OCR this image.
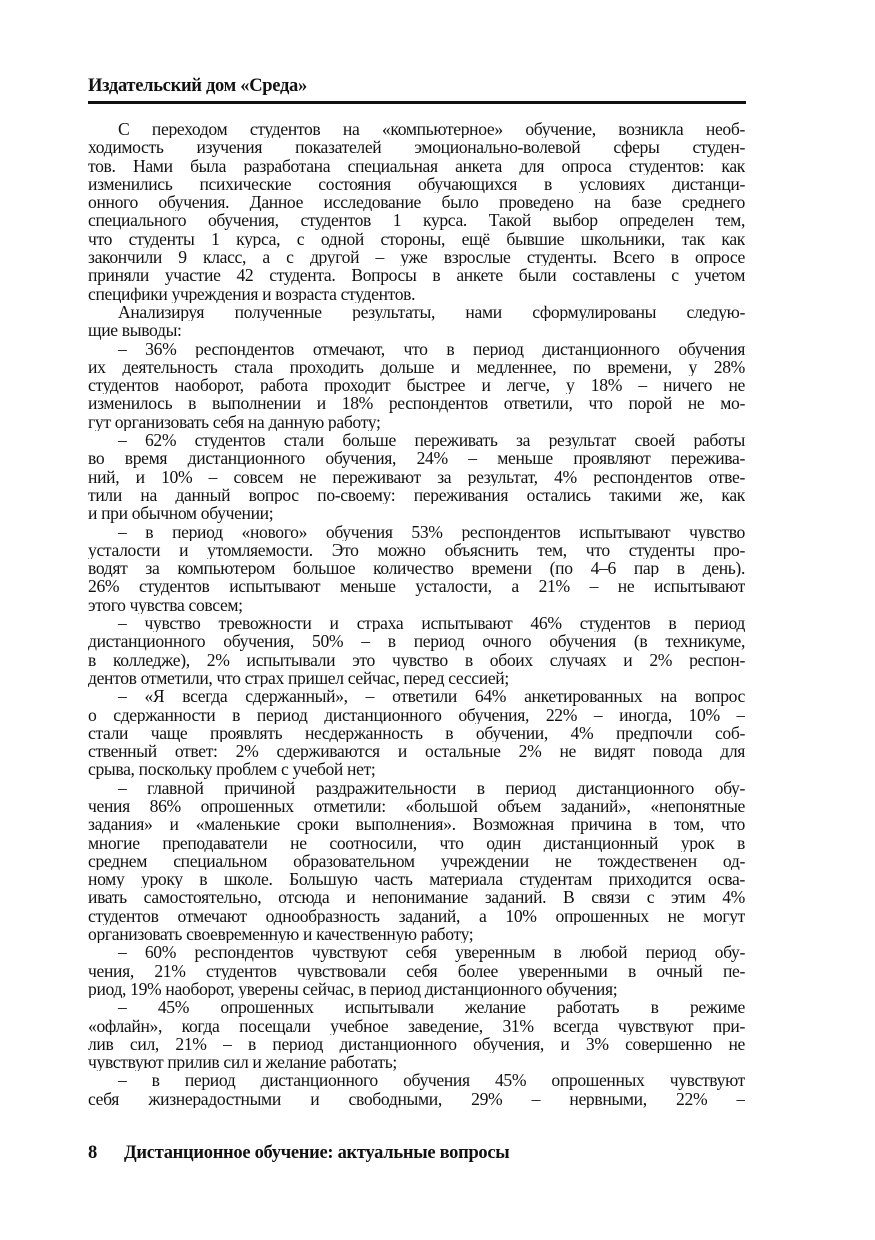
Издательский дом «Среда»
С переходом студентов на «компьютерное» обучение, возникла необ-
ходимость изучения показателей эмоционально-волевой сферы студен-
тов. Нами была разработана специальная анкета для опроса студентов: как
изменились психические состояния обучающихся в условиях дистанци-
онного обучения. Данное исследование было проведено на базе среднего
специального обучения, студентов 1 курса. Такой выбор определен тем,
что студенты 1 курса, с одной стороны, ещё бывшие школьники, так как
закончили 9 класс, а с другой – уже взрослые студенты. Всего в опросе
приняли участие 42 студента. Вопросы в анкете были составлены с учетом
специфики учреждения и возраста студентов.
Анализируя полученные результаты, нами сформулированы следую-
щие выводы:
– 36% респондентов отмечают, что в период дистанционного обучения
их деятельность стала проходить дольше и медленнее, по времени, у 28%
студентов наоборот, работа проходит быстрее и легче, у 18% – ничего не
изменилось в выполнении и 18% респондентов ответили, что порой не мо-
гут организовать себя на данную работу;
– 62% студентов стали больше переживать за результат своей работы
во время дистанционного обучения, 24% – меньше проявляют пережива-
ний, и 10% – совсем не переживают за результат, 4% респондентов отве-
тили на данный вопрос по-своему: переживания остались такими же, как
и при обычном обучении;
– в период «нового» обучения 53% респондентов испытывают чувство
усталости и утомляемости. Это можно объяснить тем, что студенты про-
водят за компьютером большое количество времени (по 4–6 пар в день).
26% студентов испытывают меньше усталости, а 21% – не испытывают
этого чувства совсем;
– чувство тревожности и страха испытывают 46% студентов в период
дистанционного обучения, 50% – в период очного обучения (в техникуме,
в колледже), 2% испытывали это чувство в обоих случаях и 2% респон-
дентов отметили, что страх пришел сейчас, перед сессией;
– «Я всегда сдержанный», – ответили 64% анкетированных на вопрос
о сдержанности в период дистанционного обучения, 22% – иногда, 10% –
стали чаще проявлять несдержанность в обучении, 4% предпочли соб-
ственный ответ: 2% сдерживаются и остальные 2% не видят повода для
срыва, поскольку проблем с учебой нет;
– главной причиной раздражительности в период дистанционного обу-
чения 86% опрошенных отметили: «большой объем заданий», «непонятные
задания» и «маленькие сроки выполнения». Возможная причина в том, что
многие преподаватели не соотносили, что один дистанционный урок в
среднем специальном образовательном учреждении не тождественен од-
ному уроку в школе. Большую часть материала студентам приходится осва-
ивать самостоятельно, отсюда и непонимание заданий. В связи с этим 4%
студентов отмечают однообразность заданий, а 10% опрошенных не могут
организовать своевременную и качественную работу;
– 60% респондентов чувствуют себя уверенным в любой период обу-
чения, 21% студентов чувствовали себя более уверенными в очный пе-
риод, 19% наоборот, уверены сейчас, в период дистанционного обучения;
– 45% опрошенных испытывали желание работать в режиме
«офлайн», когда посещали учебное заведение, 31% всегда чувствуют при-
лив сил, 21% – в период дистанционного обучения, и 3% совершенно не
чувствуют прилив сил и желание работать;
– в период дистанционного обучения 45% опрошенных чувствуют
себя жизнерадостными и свободными, 29% – нервными, 22% –
8 Дистанционное обучение: актуальные вопросы
